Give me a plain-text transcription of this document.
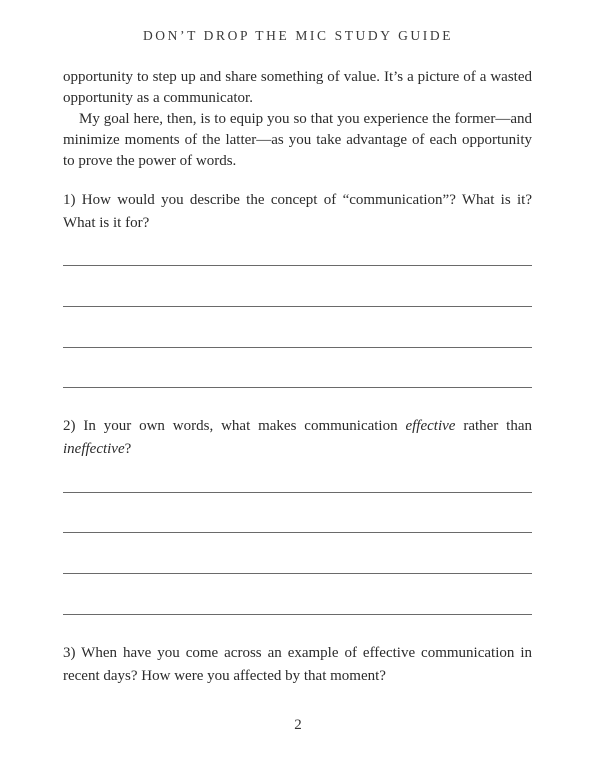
DON’T DROP THE MIC STUDY GUIDE

opportunity to step up and share something of value. It’s a picture of a wasted opportunity as a communicator.

My goal here, then, is to equip you so that you experience the former—and minimize moments of the latter—as you take advantage of each opportunity to prove the power of words.

1) How would you describe the concept of “communication”? What is it? What is it for?

2) In your own words, what makes communication effective rather than ineffective?

3) When have you come across an example of effective communication in recent days? How were you affected by that moment?

2
